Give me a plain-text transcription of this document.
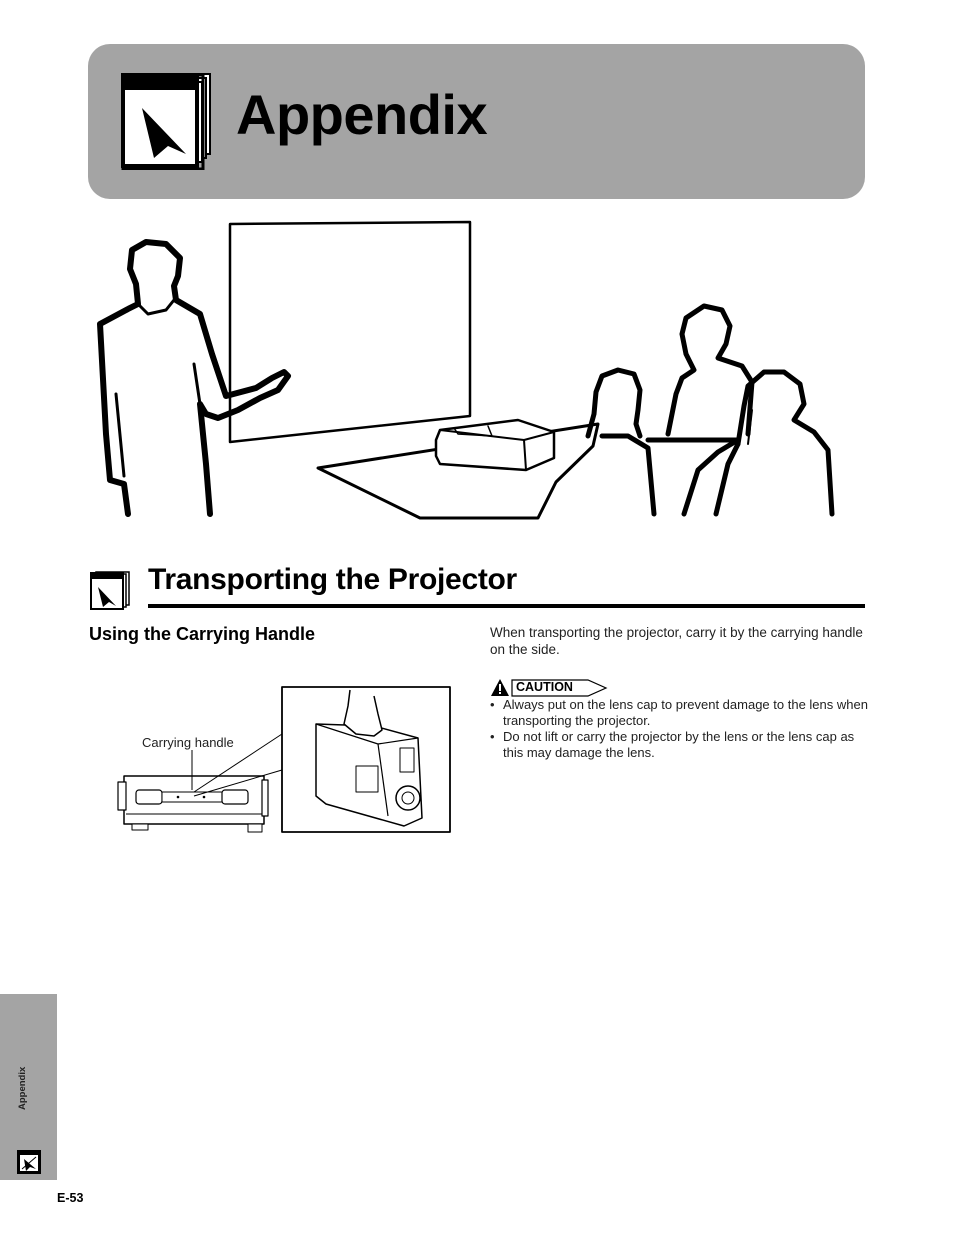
Appendix
Transporting the Projector
Using the Carrying Handle	When transporting the projector, carry it by the carrying handle on the side.

CAUTION
• Always put on the lens cap to prevent damage to the lens when transporting the projector.
• Do not lift or carry the projector by the lens or the lens cap as this may damage the lens.
Carrying handle
Appendix
E-53
